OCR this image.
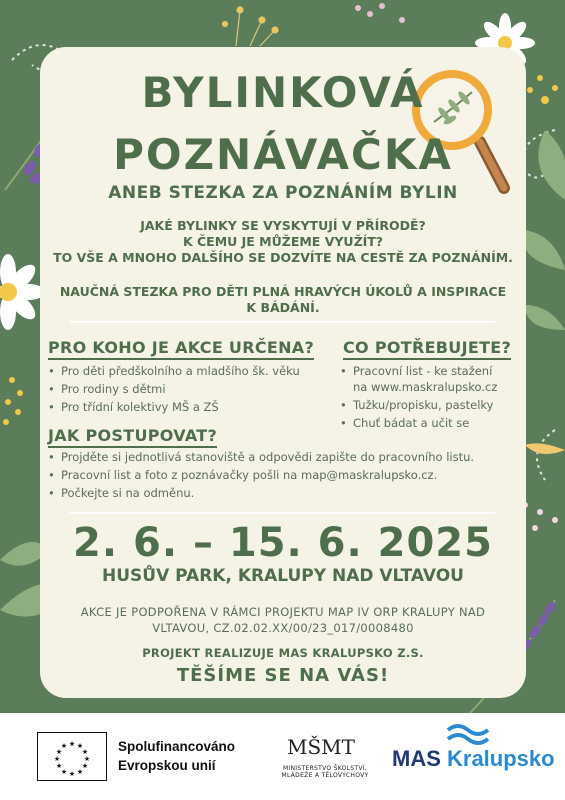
BYLINKOVÁ
POZNÁVAČKA
ANEB STEZKA ZA POZNÁNÍM BYLIN
JAKÉ BYLINKY SE VYSKYTUJÍ V PŘÍRODĚ?
K ČEMU JE MŮŽEME VYUŽÍT?
TO VŠE A MNOHO DALŠÍHO SE DOZVÍTE NA CESTĚ ZA POZNÁNÍM.
NAUČNÁ STEZKA PRO DĚTI PLNÁ HRAVÝCH ÚKOLŮ A INSPIRACE
K BÁDÁNÍ.
PRO KOHO JE AKCE URČENA?
• Pro děti předškolního a mladšího šk. věku
• Pro rodiny s dětmi
• Pro třídní kolektivy MŠ a ZŠ
CO POTŘEBUJETE?
• Pracovní list - ke stažení
na www.maskralupsko.cz
• Tužku/propisku, pastelky
• Chuť bádat a učit se
JAK POSTUPOVAT?
• Projděte si jednotlivá stanoviště a odpovědi zapište do pracovního listu.
• Pracovní list a foto z poznávačky pošli na map@maskralupsko.cz.
• Počkejte si na odměnu.
2. 6. – 15. 6. 2025
HUSŮV PARK, KRALUPY NAD VLTAVOU
AKCE JE PODPOŘENA V RÁMCI PROJEKTU MAP IV ORP KRALUPY NAD
VLTAVOU, CZ.02.02.XX/00/23_017/0008480
PROJEKT REALIZUJE MAS KRALUPSKO Z.S.
TĚŠÍME SE NA VÁS!
★ ★
★
★
★
★
★
★
★
★
★
★	Spolufinancováno
Evropskou unií
MŠMT
MINISTERSTVO ŠKOLSTVÍ,
MLÁDEŽE A TĚLOVÝCHOVY
MAS Kralupsko
